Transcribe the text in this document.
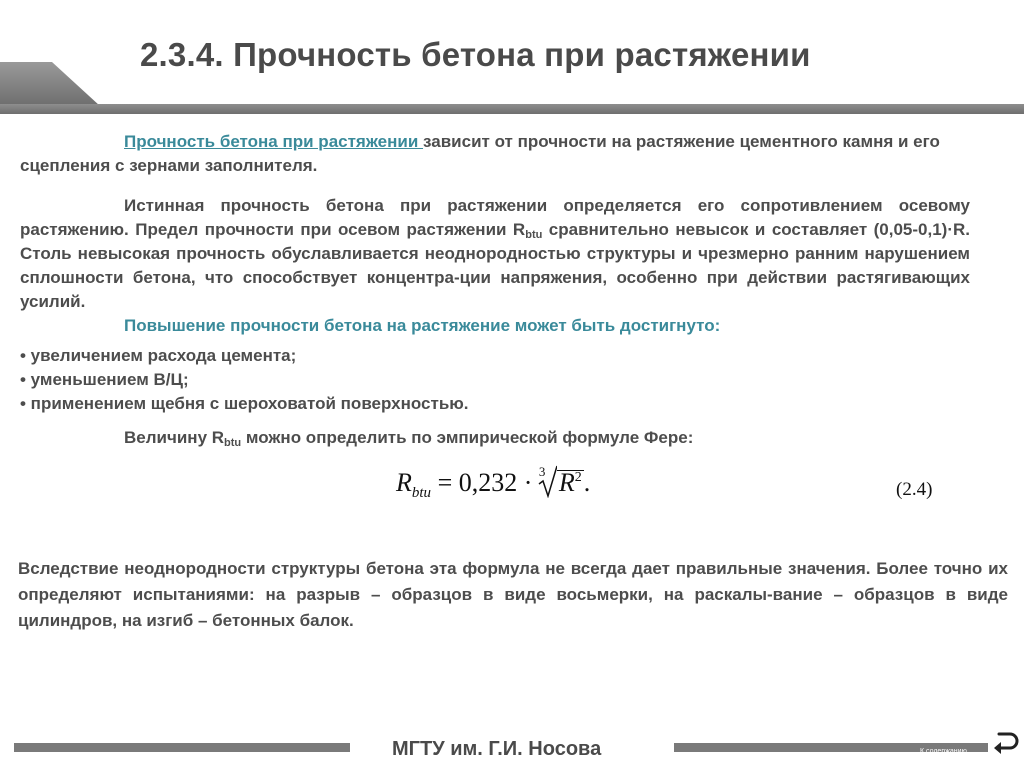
2.3.4. Прочность бетона при растяжении

Прочность бетона при растяжении зависит от прочности на растяжение цементного камня и его сцепления с зернами заполнителя.

Истинная прочность бетона при растяжении определяется его сопротивлением осевому растяжению. Предел прочности при осевом растяжении $R_{btu}$ сравнительно невысок и составляет (0,05-0,1)·R. Столь невысокая прочность обуславливается неоднородностью структуры и чрезмерно ранним нарушением сплошности бетона, что способствует концентра-ции напряжения, особенно при действии растягивающих усилий.

Повышение прочности бетона на растяжение может быть достигнуто:

• увеличением расхода цемента;

• уменьшением В/Ц;

• применением щебня с шероховатой поверхностью.

Величину $R_{btu}$ можно определить по эмпирической формуле Фере:

$R_{btu} = 0,232 \cdot 3$ $R^2$.	(2.4)
Вследствие неоднородности структуры бетона эта формула не всегда дает правильные значения. Более точно их определяют испытаниями: на разрыв – образцов в виде восьмерки, на раскалы-вание – образцов в виде цилиндров, на изгиб – бетонных балок.
МГТУ им. Г.И. Носова	К содержанию
